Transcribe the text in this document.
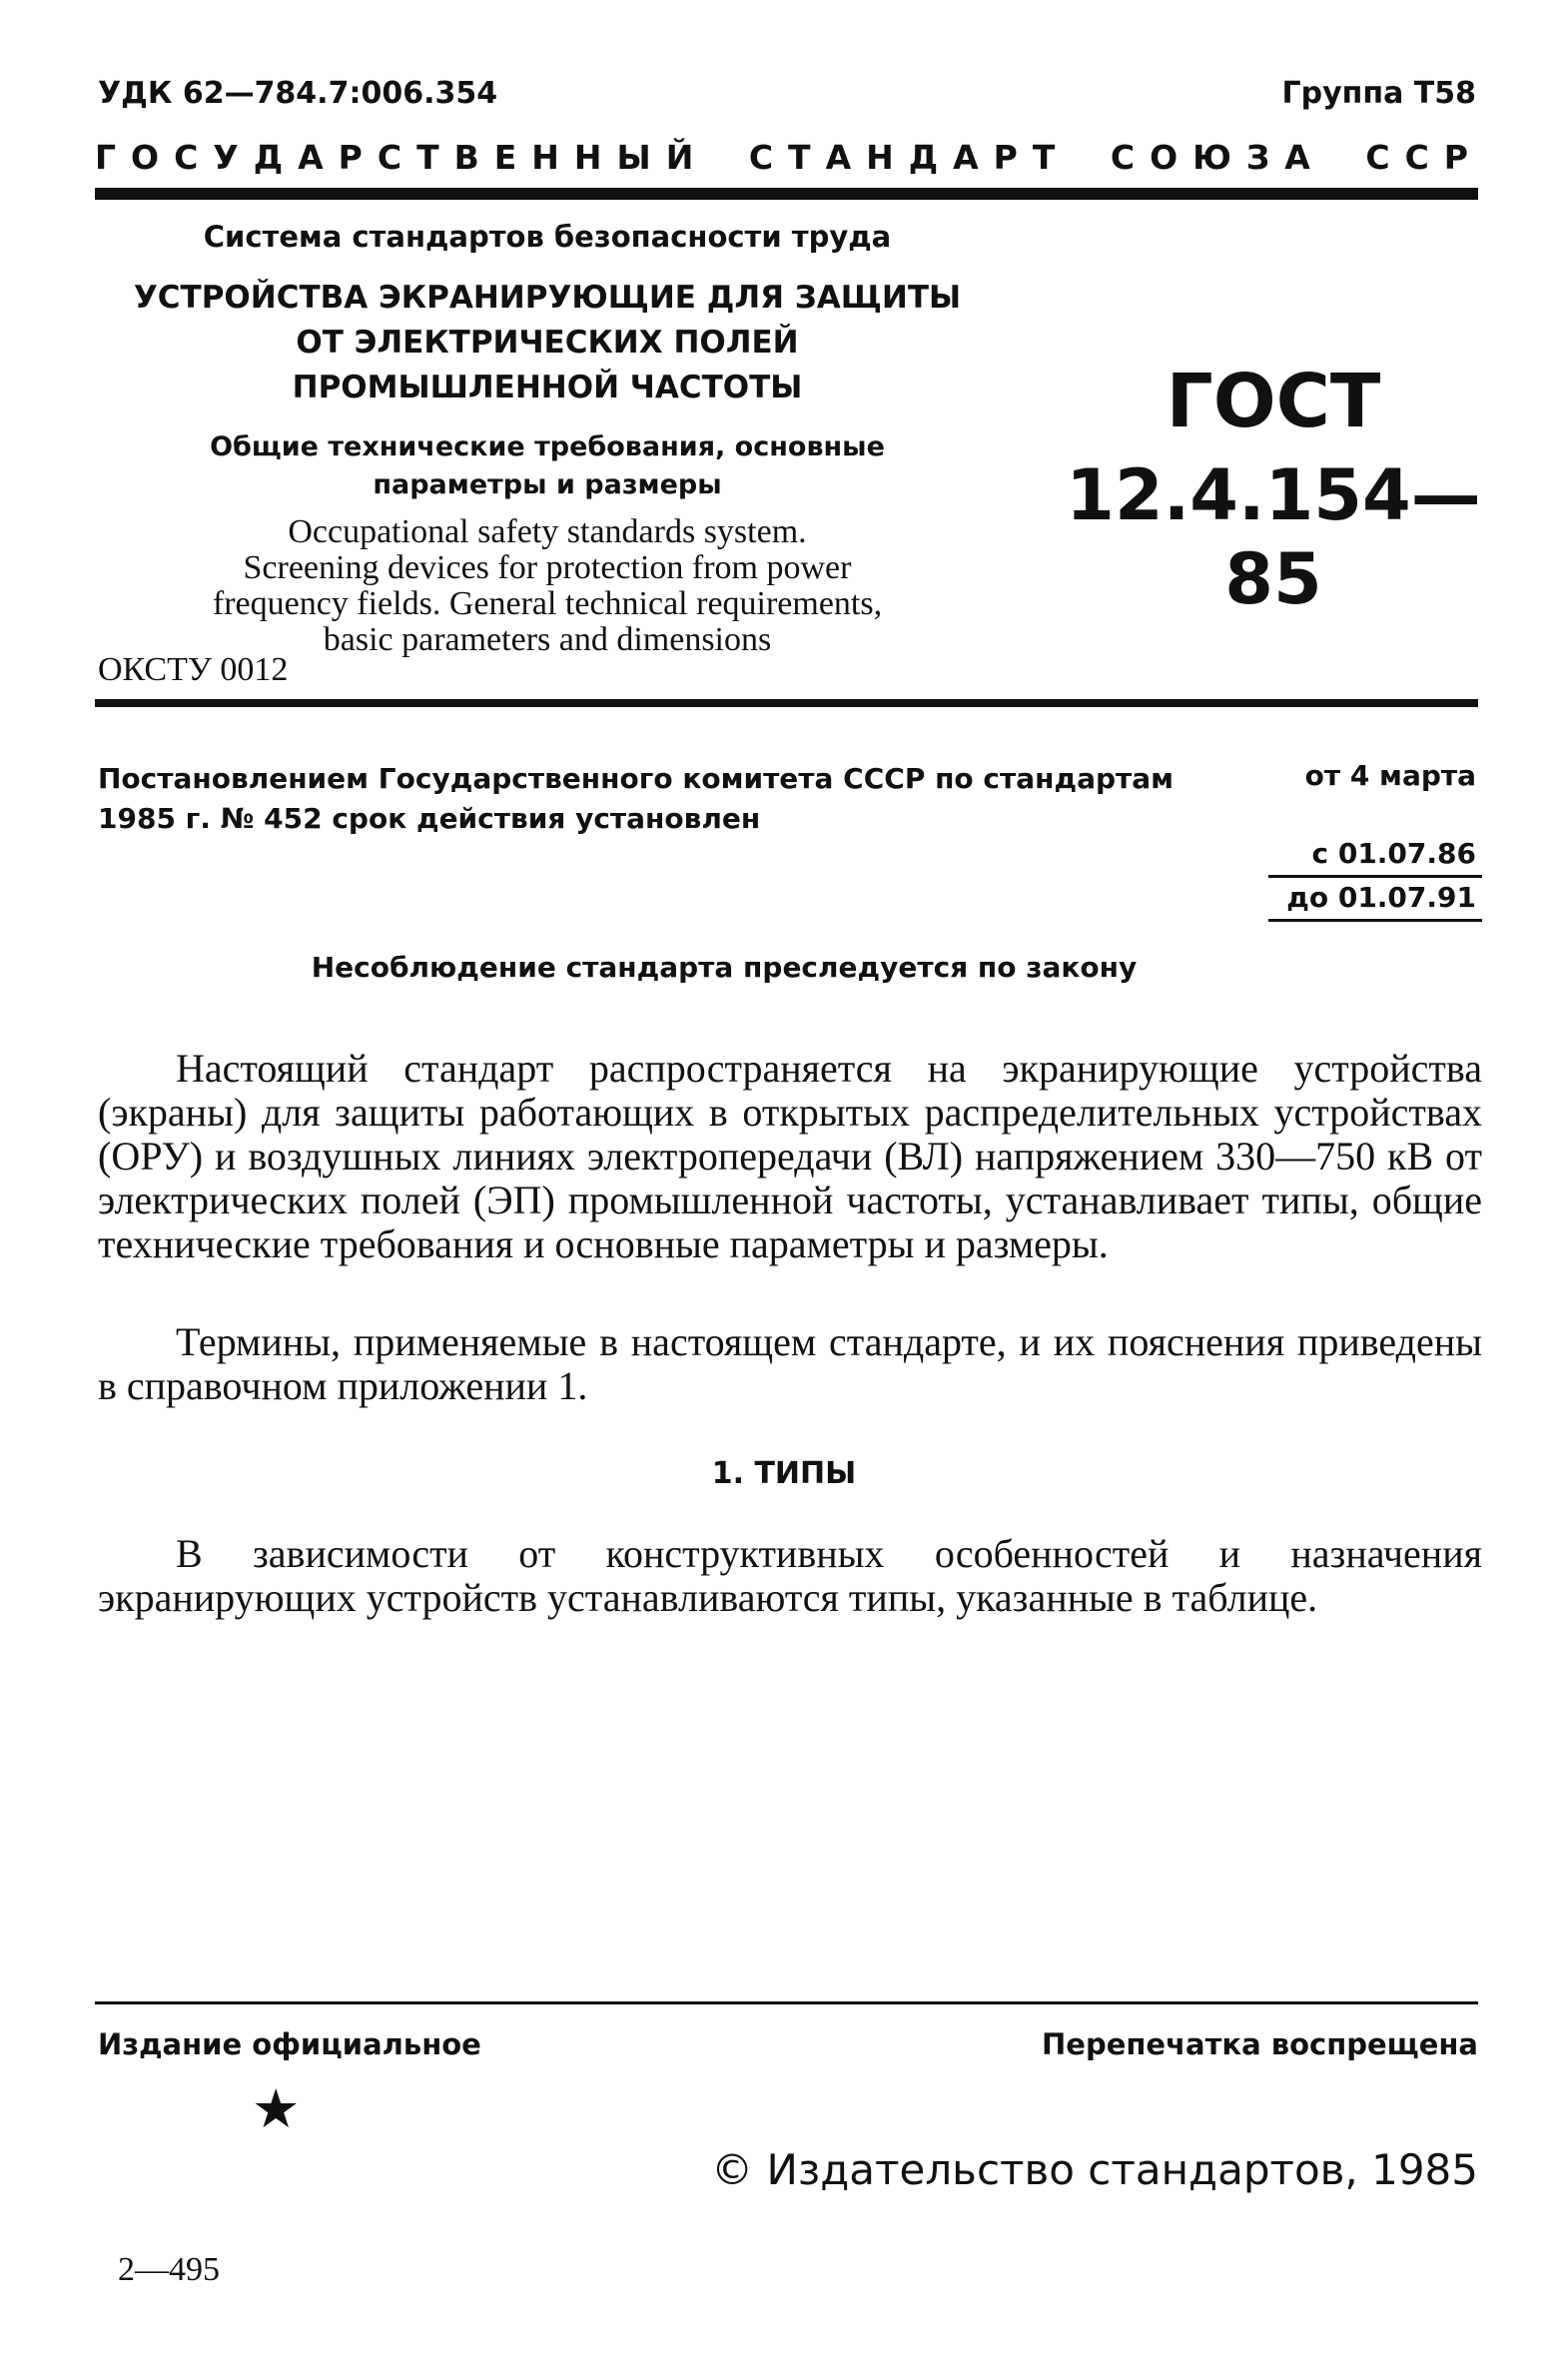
УДК 62—784.7:006.354	Группа Т58
ГОСУДАРСТВЕННЫЙ СТАНДАРТ СОЮЗА ССР
Система стандартов безопасности труда
УСТРОЙСТВА ЭКРАНИРУЮЩИЕ ДЛЯ ЗАЩИТЫ
ОТ ЭЛЕКТРИЧЕСКИХ ПОЛЕЙ
ПРОМЫШЛЕННОЙ ЧАСТОТЫ
Общие технические требования, основные
параметры и размеры
Occupational safety standards system.
Screening devices for protection from power
frequency fields. General technical requirements,
basic parameters and dimensions
ОКСТУ 0012
ГОСТ
12.4.154—85
Постановлением Государственного комитета СССР по стандартам
1985 г. № 452 срок действия установлен
от 4 марта
с 01.07.86
до 01.07.91
Несоблюдение стандарта преследуется по закону
Настоящий стандарт распространяется на экранирующие устройства (экраны) для защиты работающих в открытых распределительных устройствах (ОРУ) и воздушных линиях электропередачи (ВЛ) напряжением 330—750 кВ от электрических полей (ЭП) промышленной частоты, устанавливает типы, общие технические требования и основные параметры и размеры.
Термины, применяемые в настоящем стандарте, и их пояснения приведены в справочном приложении 1.
1. ТИПЫ
В зависимости от конструктивных особенностей и назначения экранирующих устройств устанавливаются типы, указанные в таблице.
Издание официальное	Перепечатка воспрещена
★
© Издательство стандартов, 1985
2—495
